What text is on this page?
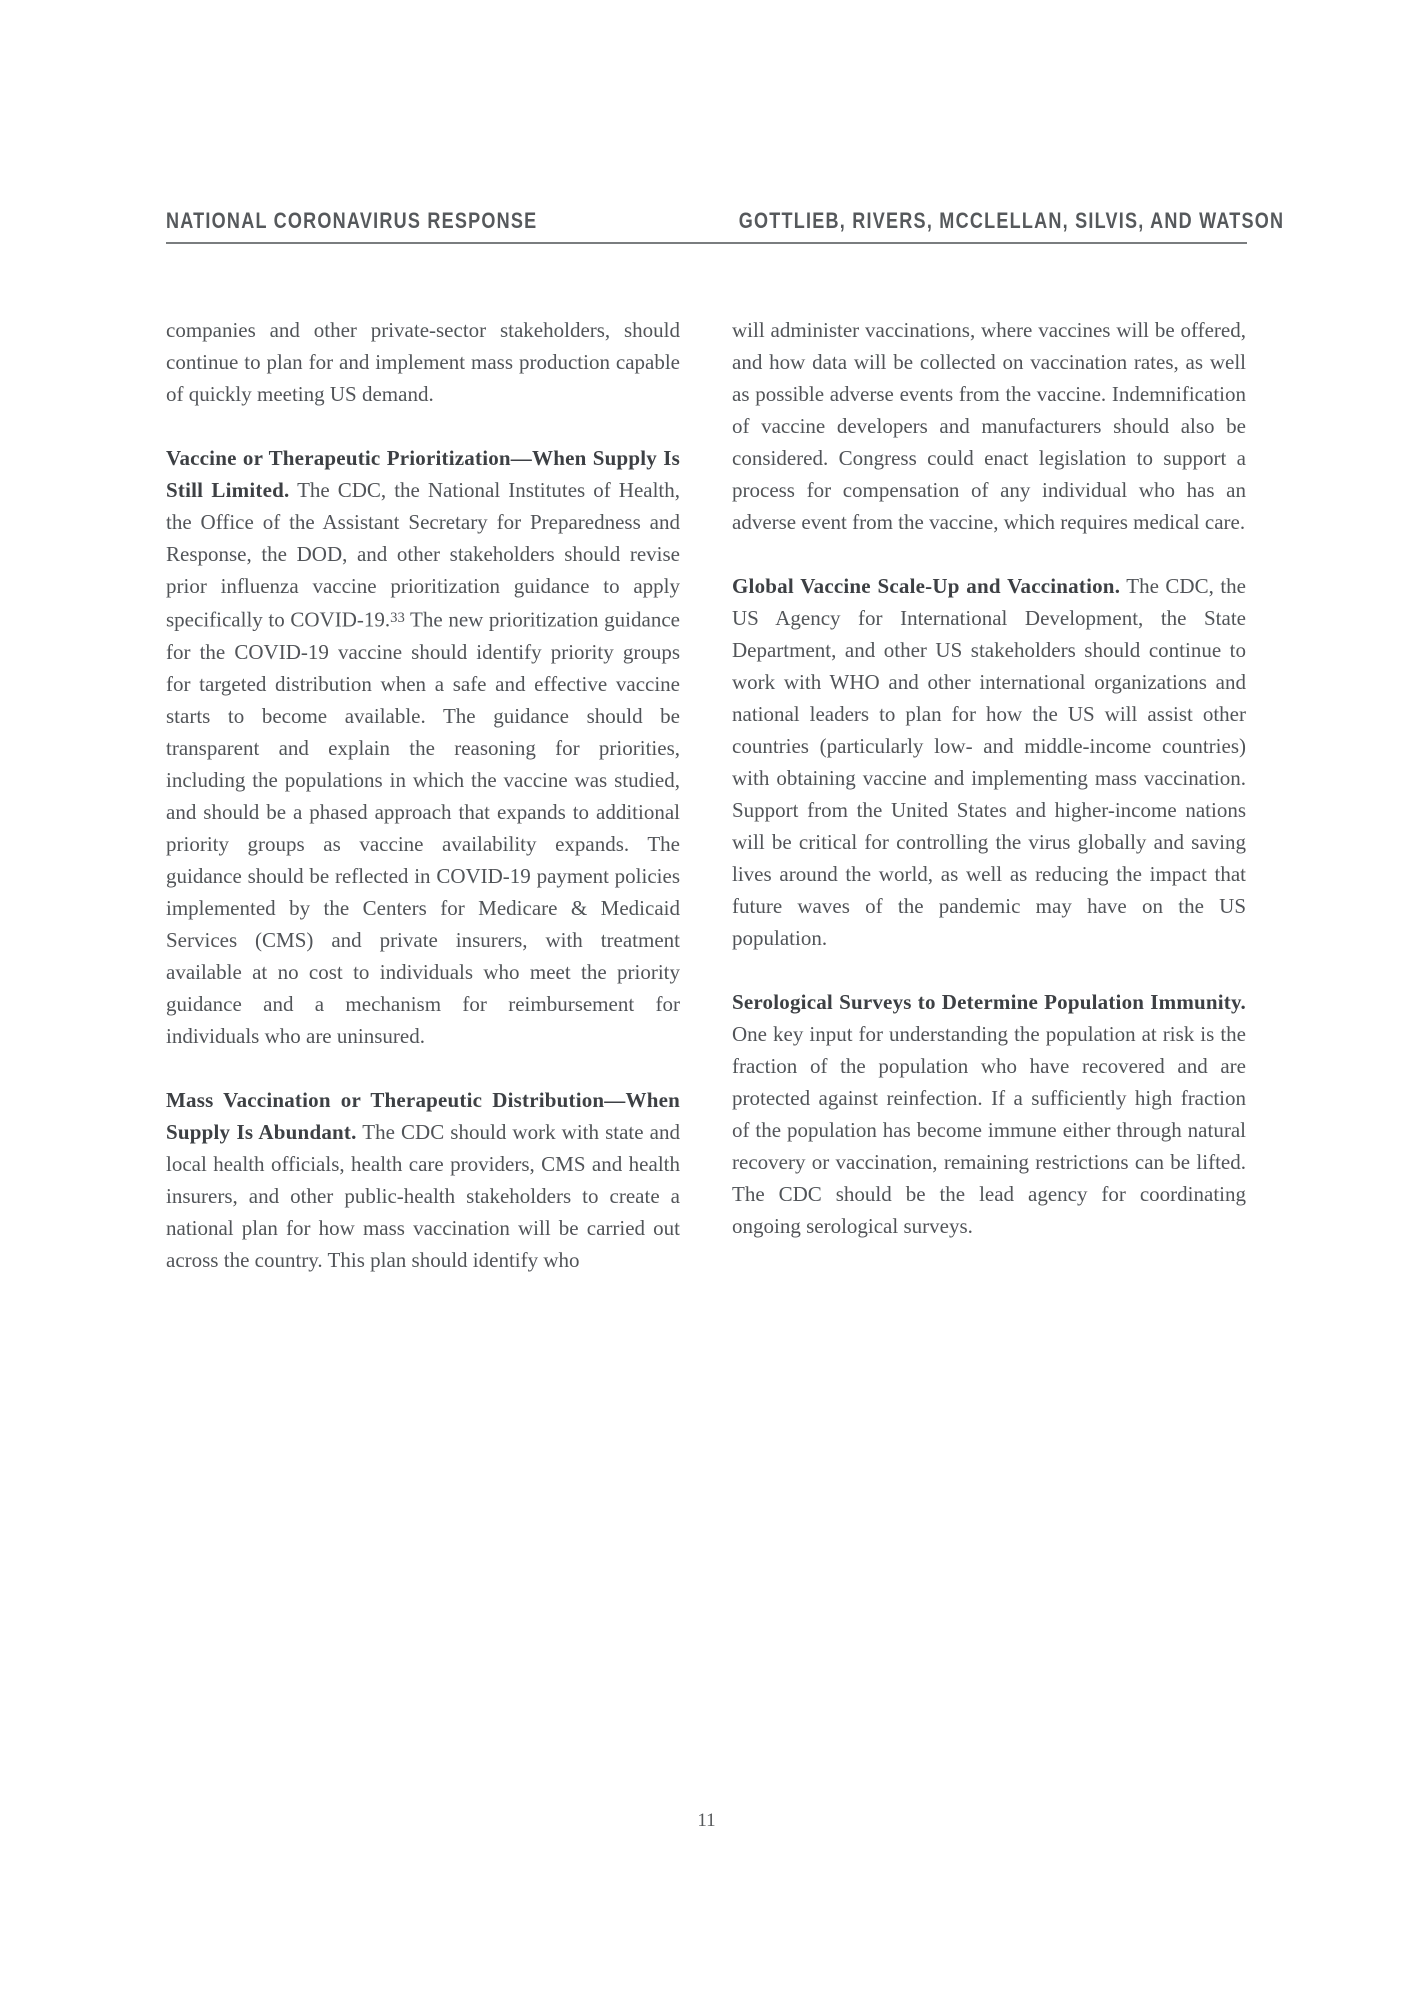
NATIONAL CORONAVIRUS RESPONSE	GOTTLIEB, RIVERS, MCCLELLAN, SILVIS, AND WATSON

companies and other private-sector stakeholders, should continue to plan for and implement mass production capable of quickly meeting US demand.

Vaccine or Therapeutic Prioritization—When Supply Is Still Limited. The CDC, the National Institutes of Health, the Office of the Assistant Secretary for Preparedness and Response, the DOD, and other stakeholders should revise prior influenza vaccine prioritization guidance to apply specifically to COVID-19.33 The new prioritization guidance for the COVID-19 vaccine should identify priority groups for targeted distribution when a safe and effective vaccine starts to become available. The guidance should be transparent and explain the reasoning for priorities, including the populations in which the vaccine was studied, and should be a phased approach that expands to additional priority groups as vaccine availability expands. The guidance should be reflected in COVID-19 payment policies implemented by the Centers for Medicare & Medicaid Services (CMS) and private insurers, with treatment available at no cost to individuals who meet the priority guidance and a mechanism for reimbursement for individuals who are uninsured.

Mass Vaccination or Therapeutic Distribution—When Supply Is Abundant. The CDC should work with state and local health officials, health care providers, CMS and health insurers, and other public-health stakeholders to create a national plan for how mass vaccination will be carried out across the country. This plan should identify who

will administer vaccinations, where vaccines will be offered, and how data will be collected on vaccination rates, as well as possible adverse events from the vaccine. Indemnification of vaccine developers and manufacturers should also be considered. Congress could enact legislation to support a process for compensation of any individual who has an adverse event from the vaccine, which requires medical care.

Global Vaccine Scale-Up and Vaccination. The CDC, the US Agency for International Development, the State Department, and other US stakeholders should continue to work with WHO and other international organizations and national leaders to plan for how the US will assist other countries (particularly low- and middle-income countries) with obtaining vaccine and implementing mass vaccination. Support from the United States and higher-income nations will be critical for controlling the virus globally and saving lives around the world, as well as reducing the impact that future waves of the pandemic may have on the US population.

Serological Surveys to Determine Population Immunity. One key input for understanding the population at risk is the fraction of the population who have recovered and are protected against reinfection. If a sufficiently high fraction of the population has become immune either through natural recovery or vaccination, remaining restrictions can be lifted. The CDC should be the lead agency for coordinating ongoing serological surveys.

11
